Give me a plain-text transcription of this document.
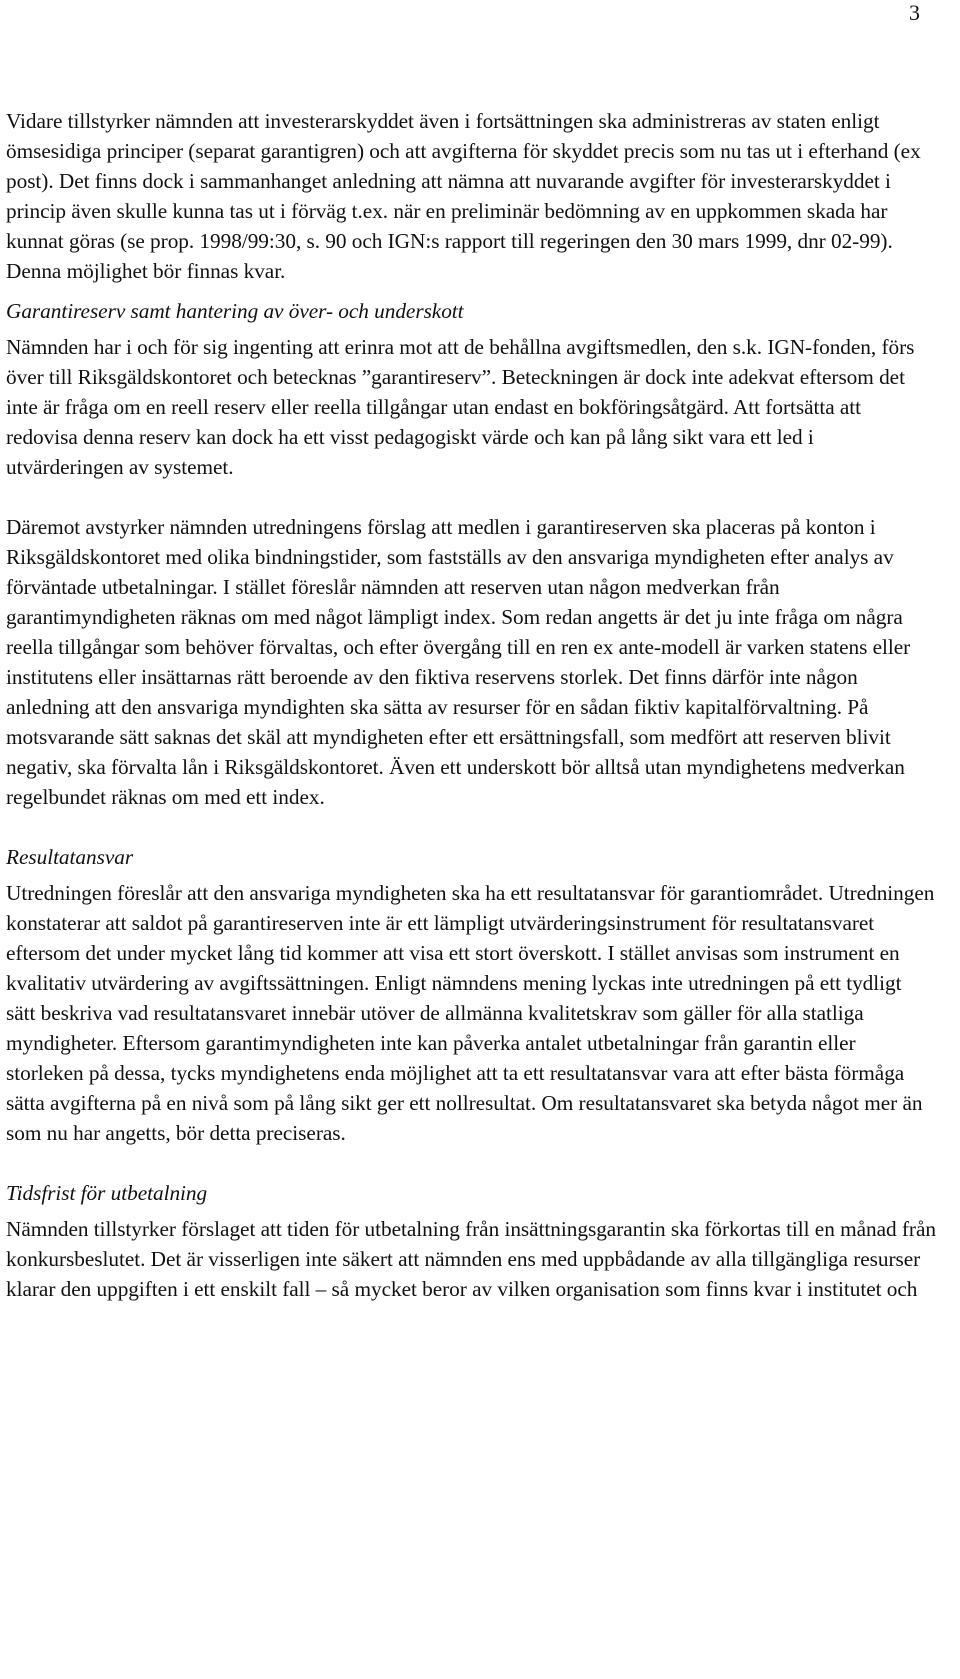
3

Vidare tillstyrker nämnden att investerarskyddet även i fortsättningen ska administreras av staten enligt ömsesidiga principer (separat garantigren) och att avgifterna för skyddet precis som nu tas ut i efterhand (ex post). Det finns dock i sammanhanget anledning att nämna att nuvarande avgifter för investerarskyddet i princip även skulle kunna tas ut i förväg t.ex. när en preliminär bedömning av en uppkommen skada har kunnat göras (se prop. 1998/99:30, s. 90 och IGN:s rapport till regeringen den 30 mars 1999, dnr 02-99). Denna möjlighet bör finnas kvar.

Garantireserv samt hantering av över- och underskott

Nämnden har i och för sig ingenting att erinra mot att de behållna avgiftsmedlen, den s.k. IGN-fonden, förs över till Riksgäldskontoret och betecknas ”garantireserv”. Beteckningen är dock inte adekvat eftersom det inte är fråga om en reell reserv eller reella tillgångar utan endast en bokföringsåtgärd. Att fortsätta att redovisa denna reserv kan dock ha ett visst pedagogiskt värde och kan på lång sikt vara ett led i utvärderingen av systemet.

Däremot avstyrker nämnden utredningens förslag att medlen i garantireserven ska placeras på konton i Riksgäldskontoret med olika bindningstider, som fastställs av den ansvariga myndigheten efter analys av förväntade utbetalningar. I stället föreslår nämnden att reserven utan någon medverkan från garantimyndigheten räknas om med något lämpligt index. Som redan angetts är det ju inte fråga om några reella tillgångar som behöver förvaltas, och efter övergång till en ren ex ante-modell är varken statens eller institutens eller insättarnas rätt beroende av den fiktiva reservens storlek. Det finns därför inte någon anledning att den ansvariga myndighten ska sätta av resurser för en sådan fiktiv kapitalförvaltning. På motsvarande sätt saknas det skäl att myndigheten efter ett ersättningsfall, som medfört att reserven blivit negativ, ska förvalta lån i Riksgäldskontoret. Även ett underskott bör alltså utan myndighetens medverkan regelbundet räknas om med ett index.

Resultatansvar

Utredningen föreslår att den ansvariga myndigheten ska ha ett resultatansvar för garantiområdet. Utredningen konstaterar att saldot på garantireserven inte är ett lämpligt utvärderingsinstrument för resultatansvaret eftersom det under mycket lång tid kommer att visa ett stort överskott. I stället anvisas som instrument en kvalitativ utvärdering av avgiftssättningen. Enligt nämndens mening lyckas inte utredningen på ett tydligt sätt beskriva vad resultatansvaret innebär utöver de allmänna kvalitetskrav som gäller för alla statliga myndigheter. Eftersom garantimyndigheten inte kan påverka antalet utbetalningar från garantin eller storleken på dessa, tycks myndighetens enda möjlighet att ta ett resultatansvar vara att efter bästa förmåga sätta avgifterna på en nivå som på lång sikt ger ett nollresultat. Om resultatansvaret ska betyda något mer än som nu har angetts, bör detta preciseras.

Tidsfrist för utbetalning

Nämnden tillstyrker förslaget att tiden för utbetalning från insättningsgarantin ska förkortas till en månad från konkursbeslutet. Det är visserligen inte säkert att nämnden ens med uppbådande av alla tillgängliga resurser klarar den uppgiften i ett enskilt fall – så mycket beror av vilken organisation som finns kvar i institutet och
